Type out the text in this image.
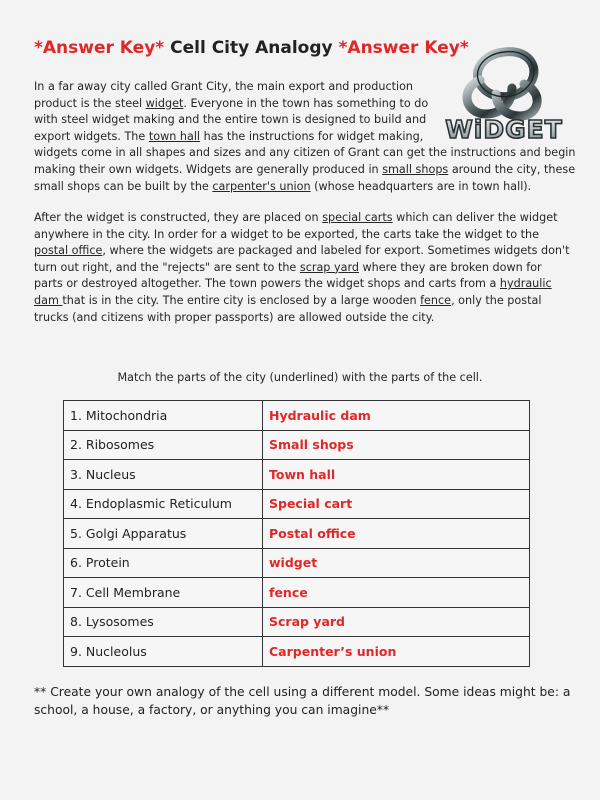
*Answer Key* Cell City Analogy *Answer Key*
WiDGET
In a far away city called Grant City, the main export and production
product is the steel widget. Everyone in the town has something to do
with steel widget making and the entire town is designed to build and
export widgets. The town hall has the instructions for widget making,
widgets come in all shapes and sizes and any citizen of Grant can get the instructions and begin
making their own widgets. Widgets are generally produced in small shops around the city, these
small shops can be built by the carpenter's union (whose headquarters are in town hall).
After the widget is constructed, they are placed on special carts which can deliver the widget
anywhere in the city. In order for a widget to be exported, the carts take the widget to the
postal office, where the widgets are packaged and labeled for export. Sometimes widgets don't
turn out right, and the "rejects" are sent to the scrap yard where they are broken down for
parts or destroyed altogether. The town powers the widget shops and carts from a hydraulic
dam that is in the city. The entire city is enclosed by a large wooden fence, only the postal
trucks (and citizens with proper passports) are allowed outside the city.
Match the parts of the city (underlined) with the parts of the cell.
1. Mitochondria	Hydraulic dam
2. Ribosomes	Small shops
3. Nucleus	Town hall
4. Endoplasmic Reticulum	Special cart
5. Golgi Apparatus	Postal office
6. Protein	widget
7. Cell Membrane	fence
8. Lysosomes	Scrap yard
9. Nucleolus	Carpenter’s union
** Create your own analogy of the cell using a different model. Some ideas might be: a school, a house, a factory, or anything you can imagine**
